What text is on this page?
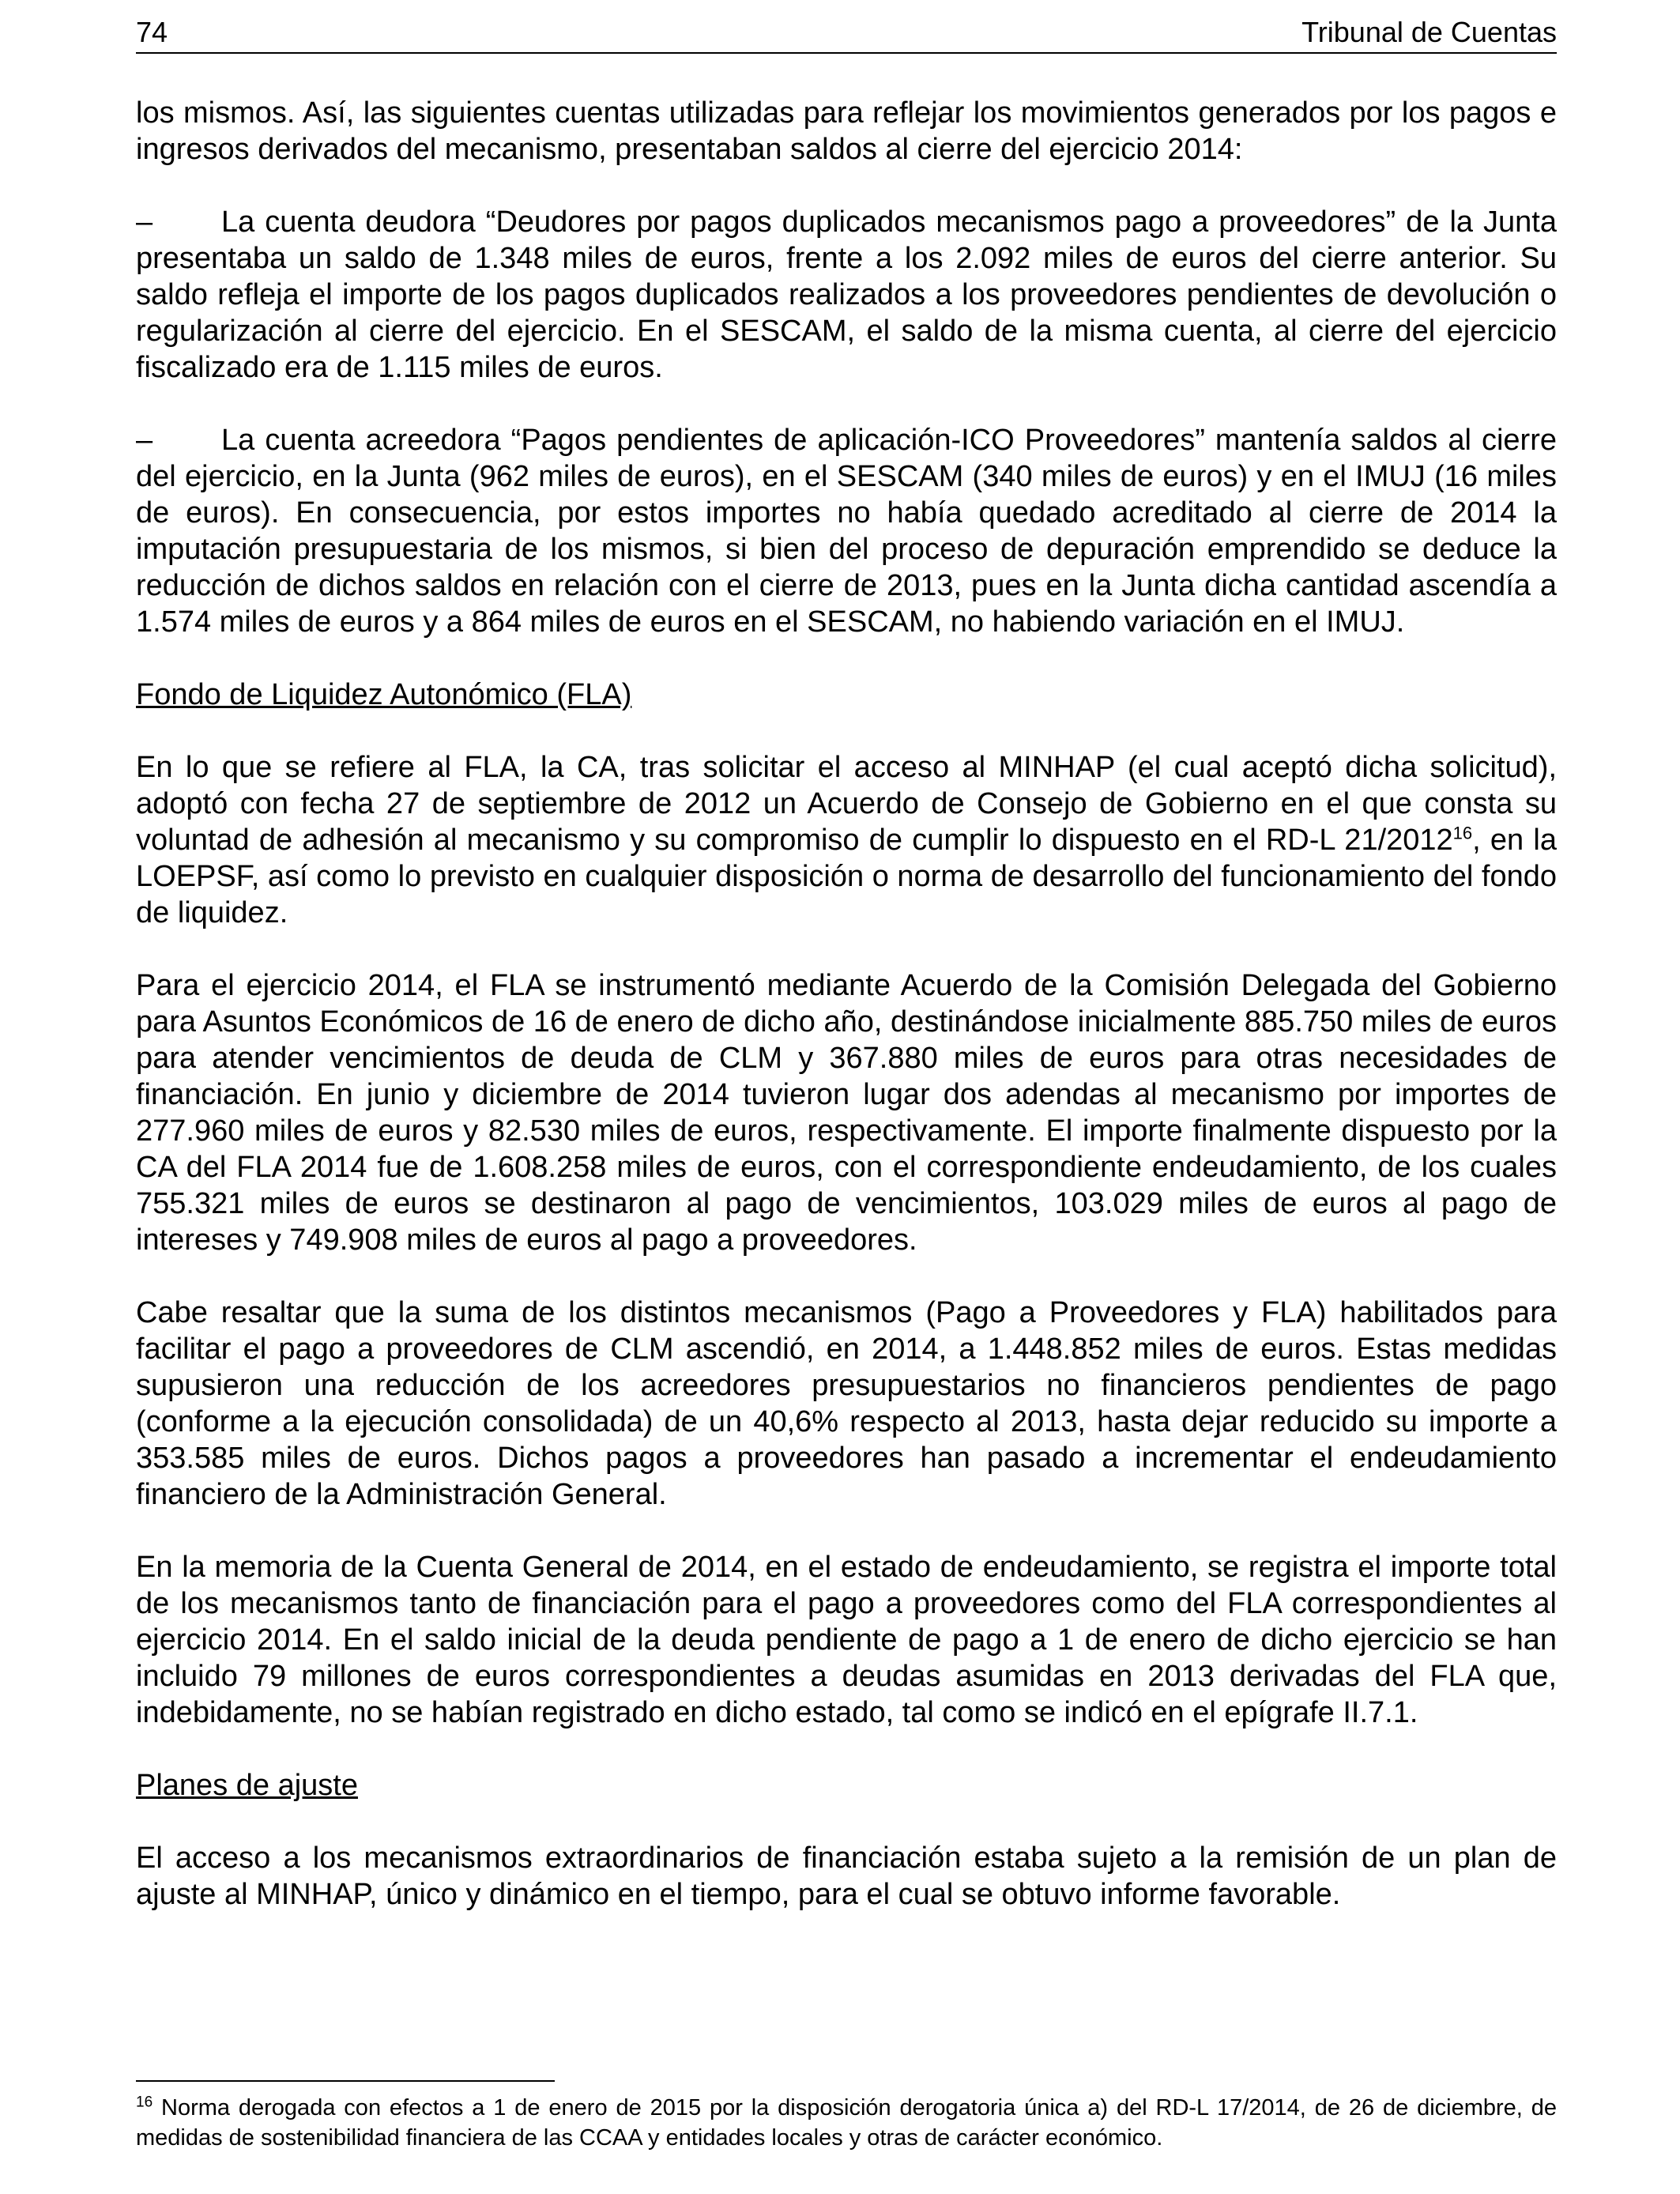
74	Tribunal de Cuentas

los mismos. Así, las siguientes cuentas utilizadas para reflejar los movimientos generados por los pagos e ingresos derivados del mecanismo, presentaban saldos al cierre del ejercicio 2014:

– La cuenta deudora “Deudores por pagos duplicados mecanismos pago a proveedores” de la Junta presentaba un saldo de 1.348 miles de euros, frente a los 2.092 miles de euros del cierre anterior. Su saldo refleja el importe de los pagos duplicados realizados a los proveedores pendientes de devolución o regularización al cierre del ejercicio. En el SESCAM, el saldo de la misma cuenta, al cierre del ejercicio fiscalizado era de 1.115 miles de euros.

– La cuenta acreedora “Pagos pendientes de aplicación-ICO Proveedores” mantenía saldos al cierre del ejercicio, en la Junta (962 miles de euros), en el SESCAM (340 miles de euros) y en el IMUJ (16 miles de euros). En consecuencia, por estos importes no había quedado acreditado al cierre de 2014 la imputación presupuestaria de los mismos, si bien del proceso de depuración emprendido se deduce la reducción de dichos saldos en relación con el cierre de 2013, pues en la Junta dicha cantidad ascendía a 1.574 miles de euros y a 864 miles de euros en el SESCAM, no habiendo variación en el IMUJ.

Fondo de Liquidez Autonómico (FLA)

En lo que se refiere al FLA, la CA, tras solicitar el acceso al MINHAP (el cual aceptó dicha solicitud), adoptó con fecha 27 de septiembre de 2012 un Acuerdo de Consejo de Gobierno en el que consta su voluntad de adhesión al mecanismo y su compromiso de cumplir lo dispuesto en el RD-L 21/2012$^{16}$, en la LOEPSF, así como lo previsto en cualquier disposición o norma de desarrollo del funcionamiento del fondo de liquidez.

Para el ejercicio 2014, el FLA se instrumentó mediante Acuerdo de la Comisión Delegada del Gobierno para Asuntos Económicos de 16 de enero de dicho año, destinándose inicialmente 885.750 miles de euros para atender vencimientos de deuda de CLM y 367.880 miles de euros para otras necesidades de financiación. En junio y diciembre de 2014 tuvieron lugar dos adendas al mecanismo por importes de 277.960 miles de euros y 82.530 miles de euros, respectivamente. El importe finalmente dispuesto por la CA del FLA 2014 fue de 1.608.258 miles de euros, con el correspondiente endeudamiento, de los cuales 755.321 miles de euros se destinaron al pago de vencimientos, 103.029 miles de euros al pago de intereses y 749.908 miles de euros al pago a proveedores.

Cabe resaltar que la suma de los distintos mecanismos (Pago a Proveedores y FLA) habilitados para facilitar el pago a proveedores de CLM ascendió, en 2014, a 1.448.852 miles de euros. Estas medidas supusieron una reducción de los acreedores presupuestarios no financieros pendientes de pago (conforme a la ejecución consolidada) de un 40,6% respecto al 2013, hasta dejar reducido su importe a 353.585 miles de euros. Dichos pagos a proveedores han pasado a incrementar el endeudamiento financiero de la Administración General.

En la memoria de la Cuenta General de 2014, en el estado de endeudamiento, se registra el importe total de los mecanismos tanto de financiación para el pago a proveedores como del FLA correspondientes al ejercicio 2014. En el saldo inicial de la deuda pendiente de pago a 1 de enero de dicho ejercicio se han incluido 79 millones de euros correspondientes a deudas asumidas en 2013 derivadas del FLA que, indebidamente, no se habían registrado en dicho estado, tal como se indicó en el epígrafe II.7.1.

Planes de ajuste

El acceso a los mecanismos extraordinarios de financiación estaba sujeto a la remisión de un plan de ajuste al MINHAP, único y dinámico en el tiempo, para el cual se obtuvo informe favorable.

$^{16}$ Norma derogada con efectos a 1 de enero de 2015 por la disposición derogatoria única a) del RD-L 17/2014, de 26 de diciembre, de medidas de sostenibilidad financiera de las CCAA y entidades locales y otras de carácter económico.
